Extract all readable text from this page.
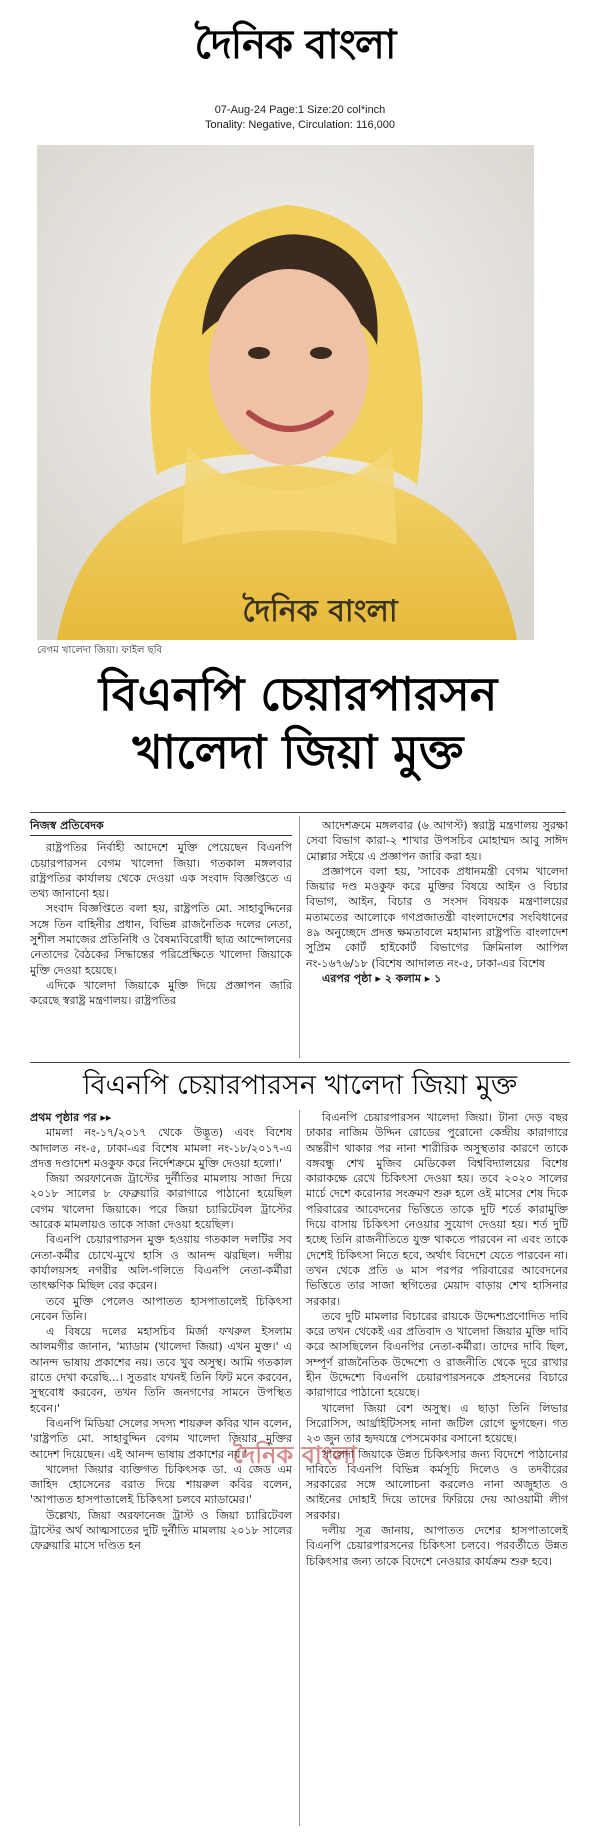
দৈনিক বাংলা
07-Aug-24 Page:1 Size:20 col*inch
Tonality: Negative, Circulation: 116,000
দৈনিক বাংলা
বেগম খালেদা জিয়া। ফাইল ছবি
বিএনপি চেয়ারপারসন
খালেদা জিয়া মুক্ত

নিজস্ব প্রতিবেদক

রাষ্ট্রপতির নির্বাহী আদেশে মুক্তি পেয়েছেন বিএনপি চেয়ারপারসন বেগম খালেদা জিয়া। গতকাল মঙ্গলবার রাষ্ট্রপতির কার্যালয় থেকে দেওয়া এক সংবাদ বিজ্ঞপ্তিতে এ তথ্য জানানো হয়।

সংবাদ বিজ্ঞপ্তিতে বলা হয়, রাষ্ট্রপতি মো. সাহাবুদ্দিনের সঙ্গে তিন বাহিনীর প্রধান, বিভিন্ন রাজনৈতিক দলের নেতা, সুশীল সমাজের প্রতিনিধি ও বৈষম্যবিরোধী ছাত্র আন্দোলনের নেতাদের বৈঠকের সিদ্ধান্তের পরিপ্রেক্ষিতে খালেদা জিয়াকে মুক্তি দেওয়া হয়েছে।

এদিকে খালেদা জিয়াকে মুক্তি দিয়ে প্রজ্ঞাপন জারি করেছে স্বরাষ্ট্র মন্ত্রণালয়। রাষ্ট্রপতির

আদেশক্রমে মঙ্গলবার (৬ আগস্ট) স্বরাষ্ট্র মন্ত্রণালয় সুরক্ষা সেবা বিভাগ কারা-২ শাখার উপসচিব মোহাম্মদ আবু সাঈদ মোল্লার সইয়ে এ প্রজ্ঞাপন জারি করা হয়।

প্রজ্ঞাপনে বলা হয়, 'সাবেক প্রধানমন্ত্রী বেগম খালেদা জিয়ার দণ্ড মওকুফ করে মুক্তির বিষয়ে আইন ও বিচার বিভাগ, আইন, বিচার ও সংসদ বিষয়ক মন্ত্রণালয়ের মতামতের আলোকে গণপ্রজাতন্ত্রী বাংলাদেশের সংবিধানের ৪৯ অনুচ্ছেদে প্রদত্ত ক্ষমতাবলে মহামান্য রাষ্ট্রপতি বাংলাদেশ সুপ্রিম কোর্ট হাইকোর্ট বিভাগের ক্রিমিনাল আপিল নং-১৬৭৬/১৮ (বিশেষ আদালত নং-৫, ঢাকা-এর বিশেষ

এরপর পৃষ্ঠা ▸ ২ কলাম ▸ ১

বিএনপি চেয়ারপারসন খালেদা জিয়া মুক্ত

প্রথম পৃষ্ঠার পর ▸▸

মামলা নং-১৭/২০১৭ থেকে উদ্ভূত) এবং বিশেষ আদালত নং-৫, ঢাকা-এর বিশেষ মামলা নং-১৮/২০১৭-এ প্রদত্ত দণ্ডাদেশ মওকুফ করে নির্দেশক্রমে মুক্তি দেওয়া হলো।'

জিয়া অরফানেজ ট্রাস্টের দুর্নীতির মামলায় সাজা দিয়ে ২০১৮ সালের ৮ ফেব্রুয়ারি কারাগারে পাঠানো হয়েছিল বেগম খালেদা জিয়াকে। পরে জিয়া চ্যারিটেবল ট্রাস্টের আরেক মামলায়ও তাকে সাজা দেওয়া হয়েছিল।

বিএনপি চেয়ারপারসন মুক্ত হওয়ায় গতকাল দলটির সব নেতা-কর্মীর চোখে-মুখে হাসি ও আনন্দ ঝরছিল। দলীয় কার্যালয়সহ নগরীর অলি-গলিতে বিএনপি নেতা-কর্মীরা তাৎক্ষণিক মিছিল বের করেন।

তবে মুক্তি পেলেও আপাতত হাসপাতালেই চিকিৎসা নেবেন তিনি।

এ বিষয়ে দলের মহাসচিব মির্জা ফখরুল ইসলাম আলমগীর জানান, 'ম্যাডাম (খালেদা জিয়া) এখন মুক্ত।' এ আনন্দ ভাষায় প্রকাশের নয়। তবে খুব অসুস্থ। আমি গতকাল রাতে দেখা করেছি...। সুতরাং যখনই তিনি ফিট মনে করবেন, সুস্থবোধ করবেন, তখন তিনি জনগণের সামনে উপস্থিত হবেন।'

বিএনপি মিডিয়া সেলের সদস্য শায়রুল কবির খান বলেন, 'রাষ্ট্রপতি মো. সাহাবুদ্দিন বেগম খালেদা জিয়ার মুক্তির আদেশ দিয়েছেন। এই আনন্দ ভাষায় প্রকাশের নয়।'

খালেদা জিয়ার ব্যক্তিগত চিকিৎসক ডা. এ জেড এম জাহিদ হোসেনের বরাত দিয়ে শায়রুল কবির বলেন, 'আপাতত হাসপাতালেই চিকিৎসা চলবে ম্যাডামের।'

উল্লেখ্য, জিয়া অরফানেজ ট্রাস্ট ও জিয়া চ্যারিটেবল ট্রাস্টের অর্থ আত্মসাতের দুটি দুর্নীতি মামলায় ২০১৮ সালের ফেব্রুয়ারি মাসে দণ্ডিত হন

বিএনপি চেয়ারপারসন খালেদা জিয়া। টানা দেড় বছর ঢাকার নাজিম উদ্দিন রোডের পুরোনো কেন্দ্রীয় কারাগারে অন্তরীণ থাকার পর নানা শারীরিক অসুস্থতার কারণে তাকে বঙ্গবন্ধু শেখ মুজিব মেডিকেল বিশ্ববিদ্যালয়ের বিশেষ কারাকক্ষে রেখে চিকিৎসা দেওয়া হয়। তবে ২০২০ সালের মার্চে দেশে করোনার সংক্রমণ শুরু হলে ওই মাসের শেষ দিকে পরিবারের আবেদনের ভিত্তিতে তাকে দুটি শর্তে কারামুক্তি দিয়ে বাসায় চিকিৎসা নেওয়ার সুযোগ দেওয়া হয়। শর্ত দুটি হচ্ছে তিনি রাজনীতিতে যুক্ত থাকতে পারবেন না এবং তাকে দেশেই চিকিৎসা নিতে হবে, অর্থাৎ বিদেশে যেতে পারবেন না। তখন থেকে প্রতি ৬ মাস পরপর পরিবারের আবেদনের ভিত্তিতে তার সাজা স্থগিতের মেয়াদ বাড়ায় শেখ হাসিনার সরকার।

তবে দুটি মামলার বিচারের রায়কে উদ্দেশ্যপ্রণোদিত দাবি করে তখন থেকেই এর প্রতিবাদ ও খালেদা জিয়ার মুক্তি দাবি করে আসছিলেন বিএনপির নেতা-কর্মীরা। তাদের দাবি ছিল, সম্পূর্ণ রাজনৈতিক উদ্দেশ্যে ও রাজনীতি থেকে দূরে রাখার হীন উদ্দেশ্যে বিএনপি চেয়ারপারসনকে প্রহসনের বিচারে কারাগারে পাঠানো হয়েছে।

খালেদা জিয়া বেশ অসুস্থ। এ ছাড়া তিনি লিভার সিরোসিস, আর্থ্রাইটিসসহ নানা জটিল রোগে ভুগছেন। গত ২৩ জুন তার হৃদযন্ত্রে পেসমেকার বসানো হয়েছে।

খালেদা জিয়াকে উন্নত চিকিৎসার জন্য বিদেশে পাঠানোর দাবিতে বিএনপি বিভিন্ন কর্মসূচি দিলেও ও তদবীরের সরকারের সঙ্গে আলোচনা করলেও নানা অজুহাত ও আইনের দোহাই দিয়ে তাদের ফিরিয়ে দেয় আওয়ামী লীগ সরকার।

দলীয় সূত্র জানায়, আপাতত দেশের হাসপাতালেই বিএনপি চেয়ারপারসনের চিকিৎসা চলবে। পরবর্তীতে উন্নত চিকিৎসার জন্য তাকে বিদেশে নেওয়ার কার্যক্রম শুরু হবে।

দৈনিক বাংলা
